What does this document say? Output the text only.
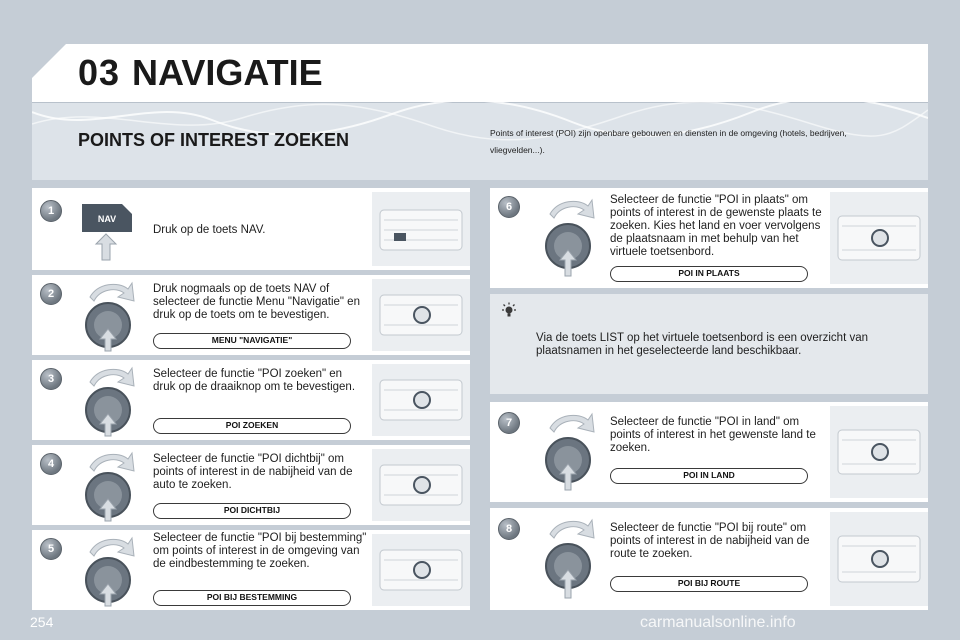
03 NAVIGATIE
POINTS OF INTEREST ZOEKEN	Points of interest (POI) zijn openbare gebouwen en diensten in de omgeving (hotels, bedrijven, vliegvelden...).
1
NAV
Druk op de toets NAV.
2	Druk nogmaals op de toets NAV of selecteer de functie Menu "Navigatie" en druk op de toets om te bevestigen.
MENU "NAVIGATIE"
3	Selecteer de functie "POI zoeken" en druk op de draaiknop om te bevestigen.
POI ZOEKEN
4	Selecteer de functie "POI dichtbij" om points of interest in de nabijheid van de auto te zoeken.
POI DICHTBIJ
5
Selecteer de functie "POI bij bestemming" om points of interest in de omgeving van de eindbestemming te zoeken.
POI BIJ BESTEMMING
6
Selecteer de functie "POI in plaats" om points of interest in de gewenste plaats te zoeken. Kies het land en voer vervolgens de plaatsnaam in met behulp van het virtuele toetsenbord.
POI IN PLAATS
Via de toets LIST op het virtuele toetsenbord is een overzicht van plaatsnamen in het geselecteerde land beschikbaar.
7	Selecteer de functie "POI in land" om points of interest in het gewenste land te zoeken.
POI IN LAND
8	Selecteer de functie "POI bij route" om points of interest in de nabijheid van de route te zoeken.
POI BIJ ROUTE
254	carmanualsonline.info
